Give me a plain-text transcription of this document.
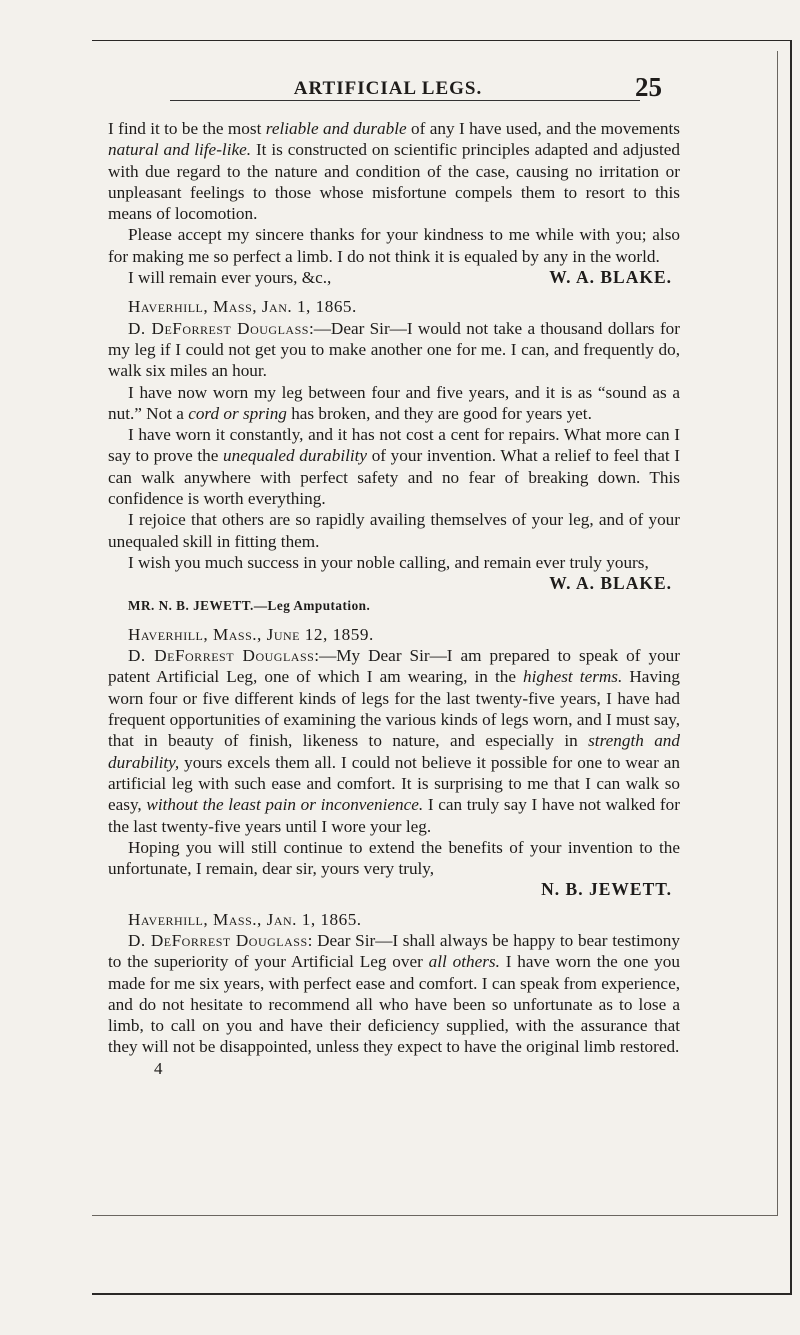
ARTIFICIAL LEGS.	25

I find it to be the most reliable and durable of any I have used, and the movements natural and life-like. It is constructed on scientific principles adapted and adjusted with due regard to the nature and condition of the case, causing no irritation or unpleasant feelings to those whose misfortune compels them to resort to this means of locomotion.

Please accept my sincere thanks for your kindness to me while with you; also for making me so perfect a limb. I do not think it is equaled by any in the world.

I will remain ever yours, &c.,	W. A. BLAKE.

Haverhill, Mass, Jan. 1, 1865.

D. DeForrest Douglass:—Dear Sir—I would not take a thousand dollars for my leg if I could not get you to make another one for me. I can, and frequently do, walk six miles an hour.

I have now worn my leg between four and five years, and it is as “sound as a nut.” Not a cord or spring has broken, and they are good for years yet.

I have worn it constantly, and it has not cost a cent for repairs. What more can I say to prove the unequaled durability of your invention. What a relief to feel that I can walk anywhere with perfect safety and no fear of breaking down. This confidence is worth everything.

I rejoice that others are so rapidly availing themselves of your leg, and of your unequaled skill in fitting them.

I wish you much success in your noble calling, and remain ever truly yours,

W. A. BLAKE.

MR. N. B. JEWETT.—Leg Amputation.

Haverhill, Mass., June 12, 1859.

D. DeForrest Douglass:—My Dear Sir—I am prepared to speak of your patent Artificial Leg, one of which I am wearing, in the highest terms. Having worn four or five different kinds of legs for the last twenty-five years, I have had frequent opportunities of examining the various kinds of legs worn, and I must say, that in beauty of finish, likeness to nature, and especially in strength and durability, yours excels them all. I could not believe it possible for one to wear an artificial leg with such ease and comfort. It is surprising to me that I can walk so easy, without the least pain or inconvenience. I can truly say I have not walked for the last twenty-five years until I wore your leg.

Hoping you will still continue to extend the benefits of your invention to the unfortunate, I remain, dear sir, yours very truly,

N. B. JEWETT.

Haverhill, Mass., Jan. 1, 1865.

D. DeForrest Douglass: Dear Sir—I shall always be happy to bear testimony to the superiority of your Artificial Leg over all others. I have worn the one you made for me six years, with perfect ease and comfort. I can speak from experience, and do not hesitate to recommend all who have been so unfortunate as to lose a limb, to call on you and have their deficiency supplied, with the assurance that they will not be disappointed, unless they expect to have the original limb restored.

4
